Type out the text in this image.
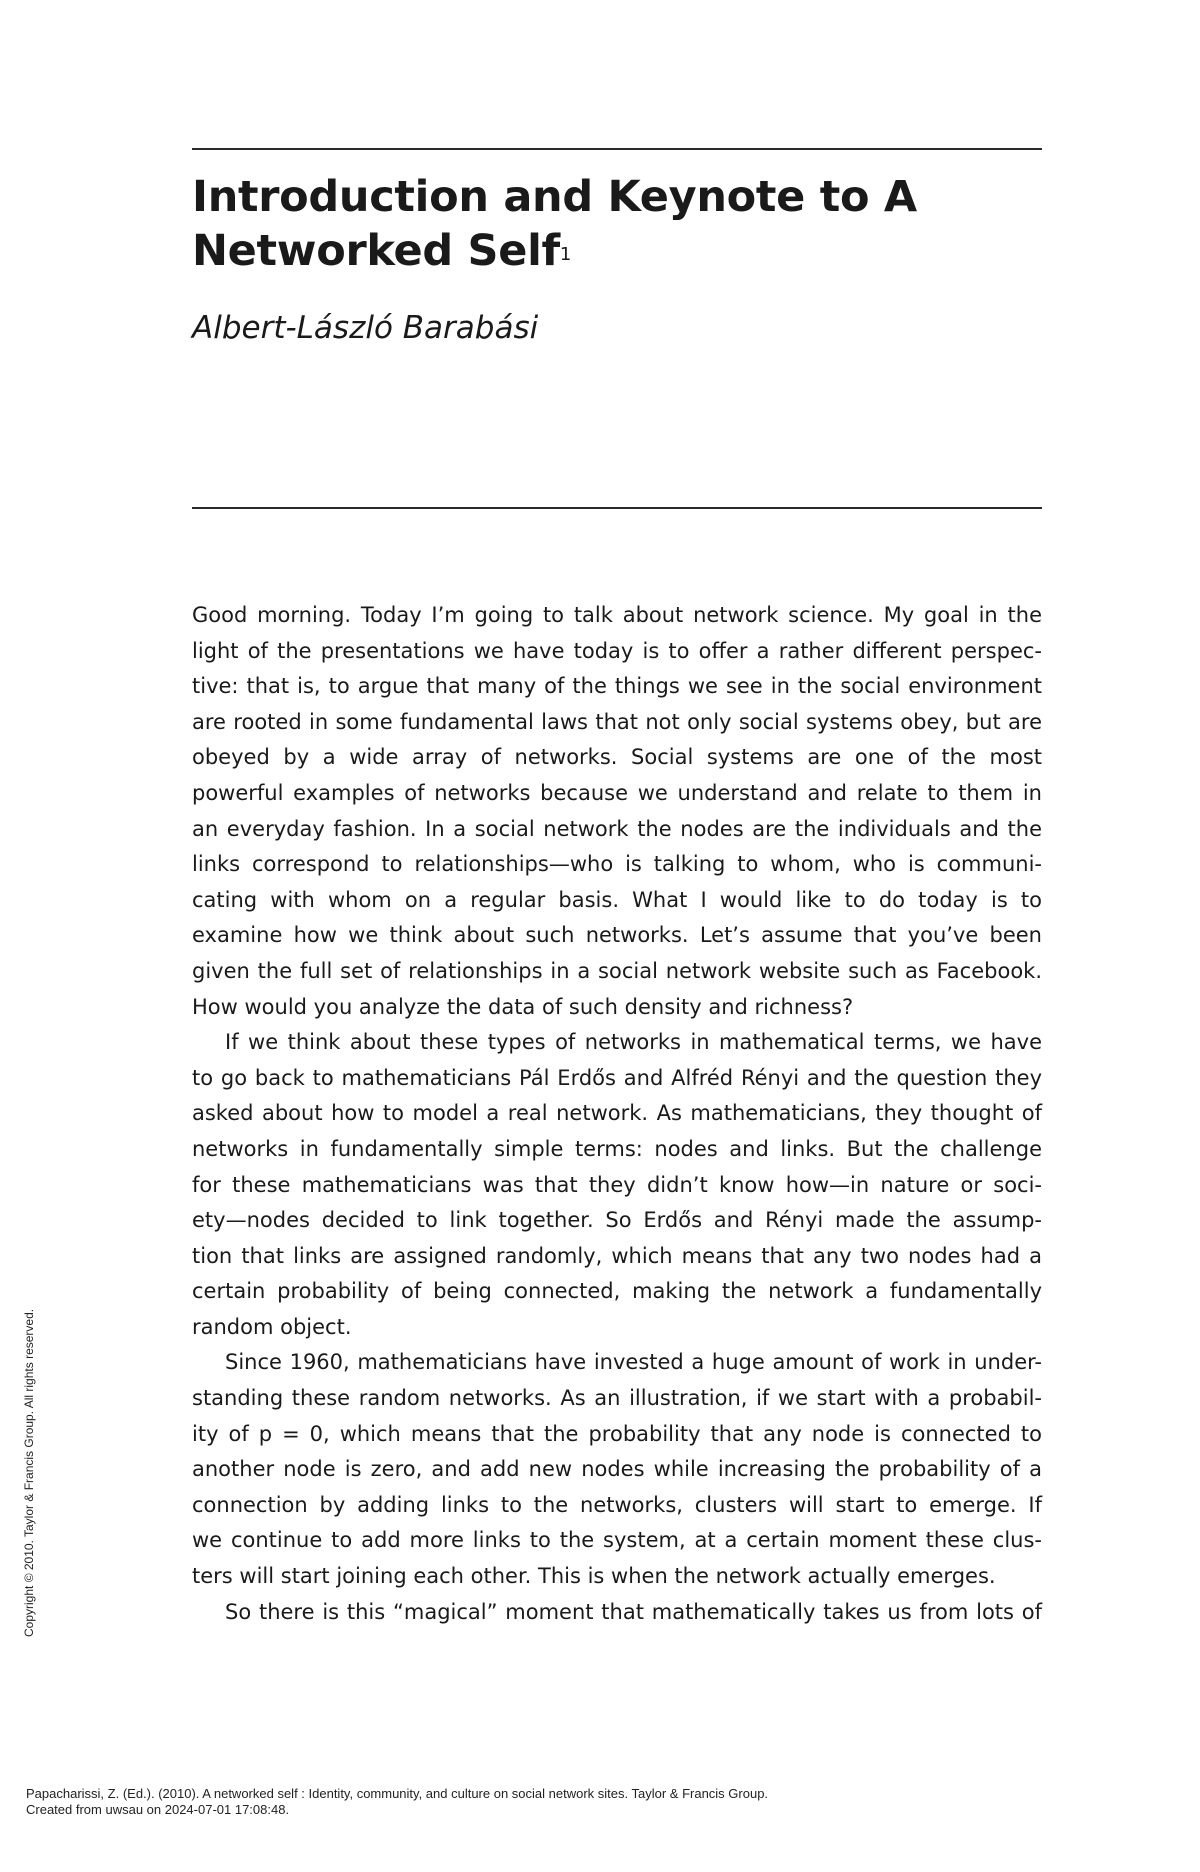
Introduction and Keynote to A Networked Self$^1$
Albert-László Barabási

Good morning. Today I’m going to talk about network science. My goal in the

light of the presentations we have today is to offer a rather different perspec-

tive: that is, to argue that many of the things we see in the social environment

are rooted in some fundamental laws that not only social systems obey, but are

obeyed by a wide array of networks. Social systems are one of the most

powerful examples of networks because we understand and relate to them in

an everyday fashion. In a social network the nodes are the individuals and the

links correspond to relationships—who is talking to whom, who is communi-

cating with whom on a regular basis. What I would like to do today is to

examine how we think about such networks. Let’s assume that you’ve been

given the full set of relationships in a social network website such as Facebook.

How would you analyze the data of such density and richness?

If we think about these types of networks in mathematical terms, we have

to go back to mathematicians Pál Erdős and Alfréd Rényi and the question they

asked about how to model a real network. As mathematicians, they thought of

networks in fundamentally simple terms: nodes and links. But the challenge

for these mathematicians was that they didn’t know how—in nature or soci-

ety—nodes decided to link together. So Erdős and Rényi made the assump-

tion that links are assigned randomly, which means that any two nodes had a

certain probability of being connected, making the network a fundamentally

random object.

Since 1960, mathematicians have invested a huge amount of work in under-

standing these random networks. As an illustration, if we start with a probabil-

ity of p = 0, which means that the probability that any node is connected to

another node is zero, and add new nodes while increasing the probability of a

connection by adding links to the networks, clusters will start to emerge. If

we continue to add more links to the system, at a certain moment these clus-

ters will start joining each other. This is when the network actually emerges.

So there is this “magical” moment that mathematically takes us from lots of

Copyright © 2010. Taylor & Francis Group. All rights reserved.
Papacharissi, Z. (Ed.). (2010). A networked self : Identity, community, and culture on social network sites. Taylor & Francis Group.
Created from uwsau on 2024-07-01 17:08:48.
